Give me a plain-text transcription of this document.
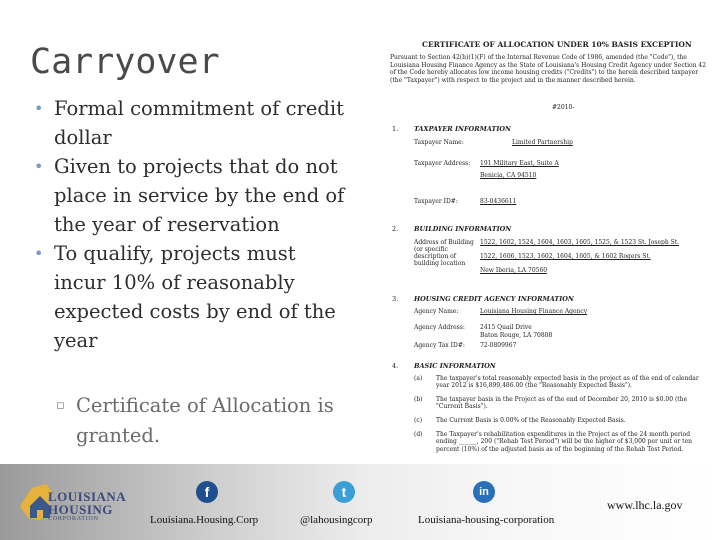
Carryover
• Formal commitment of credit dollar
• Given to projects that do not place in service by the end of the year of reservation
• To qualify, projects must incur 10% of reasonably expected costs by end of the year
▫ Certificate of Allocation is granted.
CERTIFICATE OF ALLOCATION UNDER 10% BASIS EXCEPTION
Pursuant to Section 42(h)(1)(F) of the Internal Revenue Code of 1986, amended (the "Code"), the Louisiana Housing Finance Agency as the State of Louisiana's Housing Credit Agency under Section 42 of the Code hereby allocates low income housing credits ("Credits") to the herein described taxpayer (the "Taxpayer") with respect to the project and in the manner described herein.
#2010-
1. TAXPAYER INFORMATION
Taxpayer Name:	Limited Partnership
Taxpayer Address: 191 Military East, Suite A
Benicia, CA 94510
Taxpayer ID#:	83-0436611
2. BUILDING INFORMATION
Address of Building (or specific description of building location
1522, 1602, 1524, 1604, 1603, 1605, 1525, & 1523 St. Joseph St.
1522, 1606, 1523, 1602, 1604, 1605, & 1602 Rogers St.
New Iberia, LA 70560
3. HOUSING CREDIT AGENCY INFORMATION
Agency Name:	Louisiana Housing Finance Agency
Agency Address:	2415 Quail Drive
Baton Rouge, LA 70808
Agency Tax ID#:	72-0809967
4. BASIC INFORMATION
(a) The taxpayer's total reasonably expected basis in the project as of the end of calendar year 2012 is $16,899,486.00 (the "Reasonably Expected Basis").
(b) The taxpayer basis in the Project as of the end of December 20, 2010 is $0.00 (the "Current Basis").
(c) The Current Basis is 0.00% of the Reasonably Expected Basis.
(d) The Taxpayer's rehabilitation expenditures in the Project as of the 24 month period ending ______, 200 ("Rehab Test Period") will be the higher of $3,000 per unit or ten percent (10%) of the adjusted basis as of the beginning of the Rehab Test Period.
LOUISIANA
HOUSING
CORPORATION
f
Louisiana.Housing.Corp
t
@lahousingcorp
in
Louisiana-housing-corporation
www.lhc.la.gov
